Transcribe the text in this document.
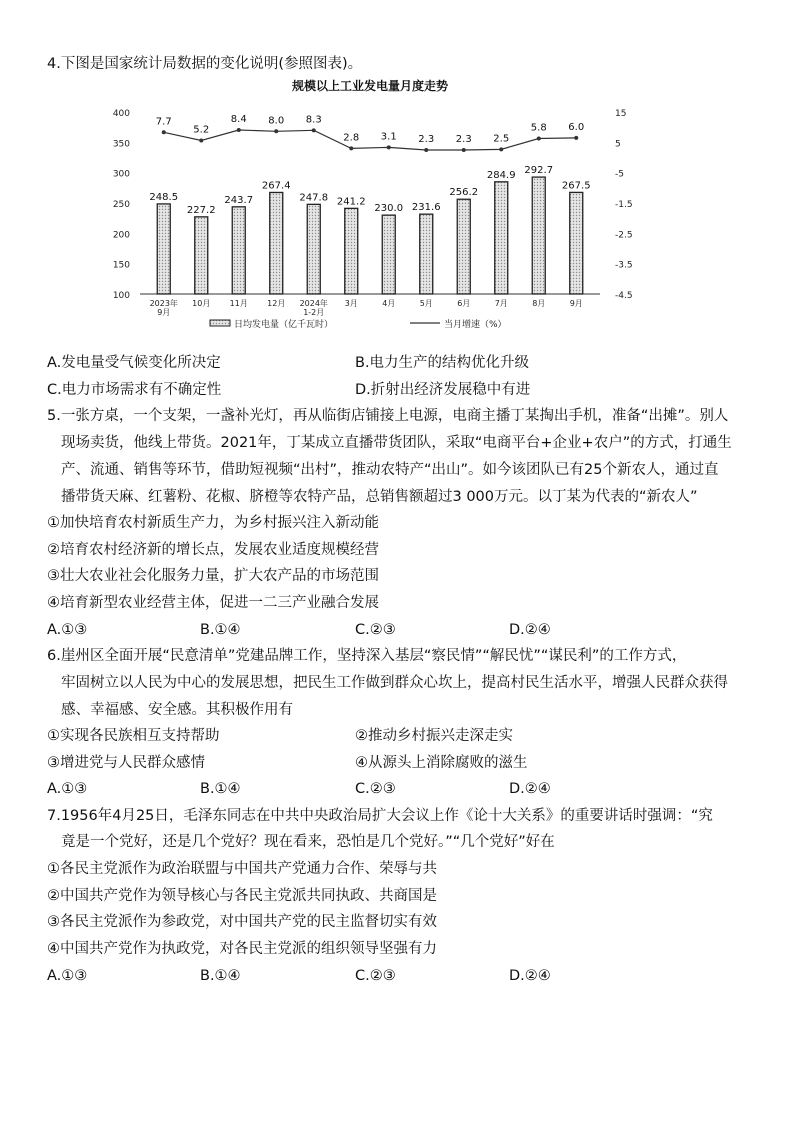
4.下图是国家统计局数据的变化说明(参照图表)。
规模以上工业发电量月度走势
100
150
200
250
300
350
400
-4.5
-3.5
-2.5
-1.5
-5
5
15
248.5
227.2
243.7
267.4
247.8 241.2
230.0 231.6
256.2
284.9 292.7
267.5
7.7
5.2
8.4 8.0 8.3
2.8 3.1 2.3 2.3 2.5
5.8 6.0
2023年
9月
10月 11月 12月 2024年
1-2月
3月	4月	5月	6月	7月	8月	9月
日均发电量（亿千瓦时）	当月增速（%）
A.发电量受气候变化所决定	B.电力生产的结构优化升级
C.电力市场需求有不确定性	D.折射出经济发展稳中有进
5.一张方桌，一个支架，一盏补光灯，再从临街店铺接上电源，电商主播丁某掏出手机，准备“出摊”。别人
现场卖货，他线上带货。2021年，丁某成立直播带货团队，采取“电商平台+企业+农户”的方式，打通生
产、流通、销售等环节，借助短视频“出村”，推动农特产“出山”。如今该团队已有25个新农人，通过直
播带货天麻、红薯粉、花椒、脐橙等农特产品，总销售额超过3 000万元。以丁某为代表的“新农人”
①加快培育农村新质生产力，为乡村振兴注入新动能
②培育农村经济新的增长点，发展农业适度规模经营
③壮大农业社会化服务力量，扩大农产品的市场范围
④培育新型农业经营主体，促进一二三产业融合发展
A.①③	B.①④	C.②③	D.②④
6.崖州区全面开展“民意清单”党建品牌工作，坚持深入基层“察民情”“解民忧”“谋民利”的工作方式，
牢固树立以人民为中心的发展思想，把民生工作做到群众心坎上，提高村民生活水平，增强人民群众获得
感、幸福感、安全感。其积极作用有
①实现各民族相互支持帮助	②推动乡村振兴走深走实
③增进党与人民群众感情	④从源头上消除腐败的滋生
A.①③	B.①④	C.②③	D.②④
7.1956年4月25日，毛泽东同志在中共中央政治局扩大会议上作《论十大关系》的重要讲话时强调：“究
竟是一个党好，还是几个党好？现在看来，恐怕是几个党好。”“几个党好”好在
①各民主党派作为政治联盟与中国共产党通力合作、荣辱与共
②中国共产党作为领导核心与各民主党派共同执政、共商国是
③各民主党派作为参政党，对中国共产党的民主监督切实有效
④中国共产党作为执政党，对各民主党派的组织领导坚强有力
A.①③	B.①④	C.②③	D.②④
